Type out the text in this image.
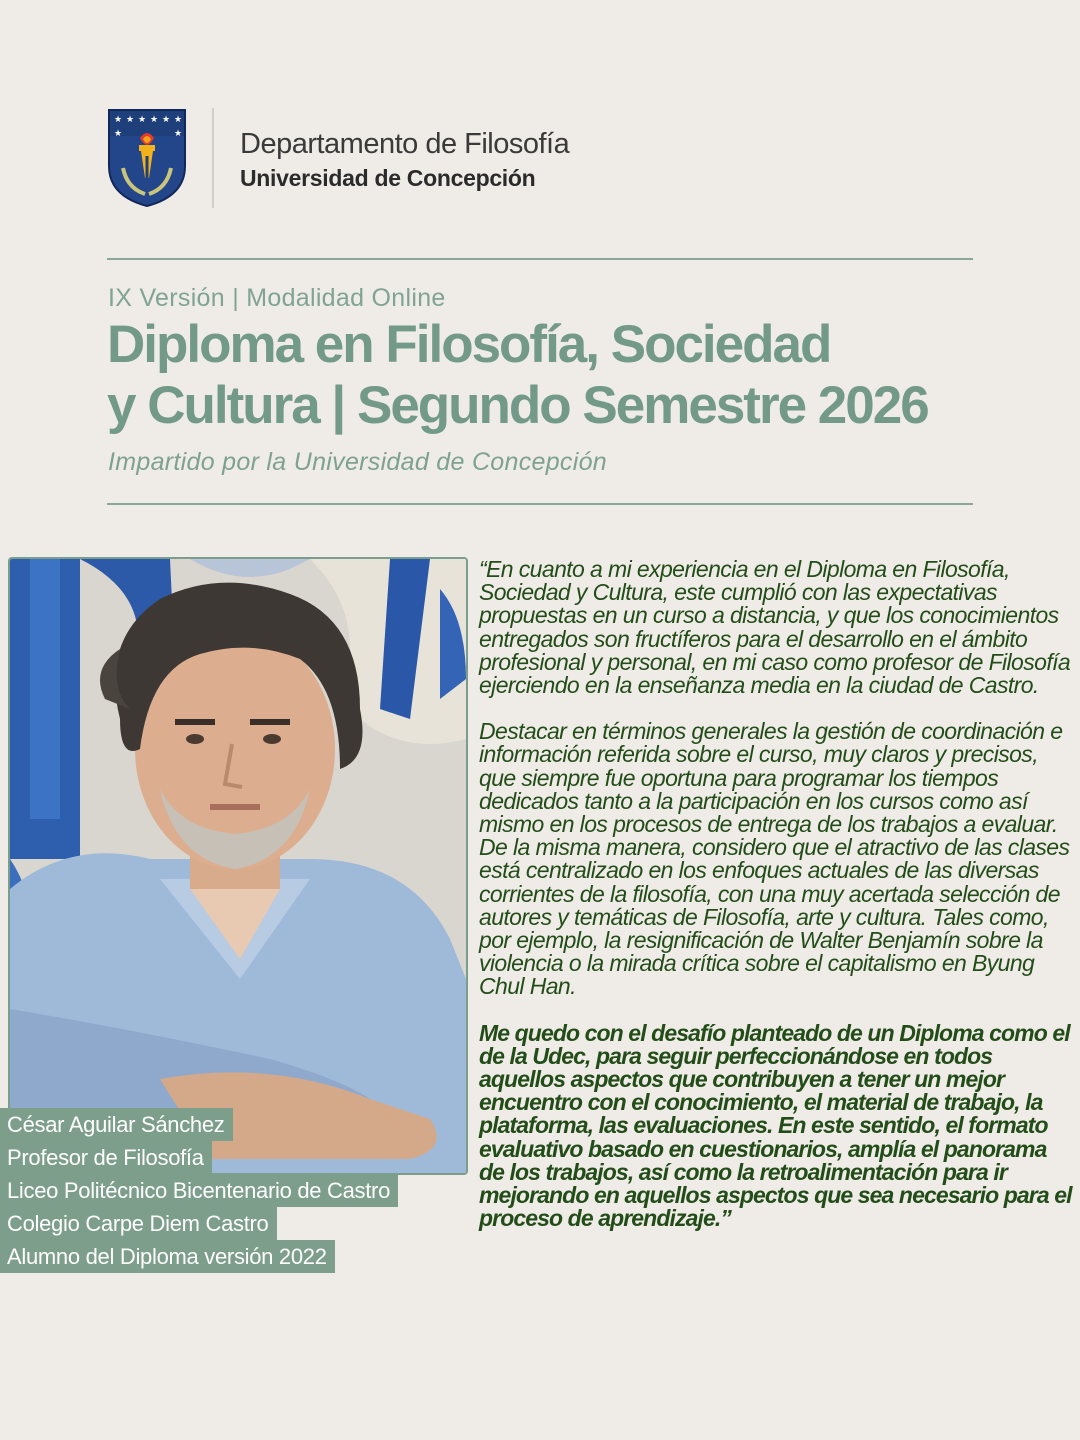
★ ★ ★ ★ ★ ★
★	★ Departamento de Filosofía
Universidad de Concepción
IX Versión | Modalidad Online
Diploma en Filosofía, Sociedad
y Cultura | Segundo Semestre 2026
Impartido por la Universidad de Concepción
César Aguilar Sánchez
Profesor de Filosofía
Liceo Politécnico Bicentenario de Castro
Colegio Carpe Diem Castro
Alumno del Diploma versión 2022

“En cuanto a mi experiencia en el Diploma en Filosofía, Sociedad y Cultura, este cumplió con las expectativas propuestas en un curso a distancia, y que los conocimientos entregados son fructíferos para el desarrollo en el ámbito profesional y personal, en mi caso como profesor de Filosofía ejerciendo en la enseñanza media en la ciudad de Castro.

Destacar en términos generales la gestión de coordinación e información referida sobre el curso, muy claros y precisos, que siempre fue oportuna para programar los tiempos dedicados tanto a la participación en los cursos como así mismo en los procesos de entrega de los trabajos a evaluar.

De la misma manera, considero que el atractivo de las clases está centralizado en los enfoques actuales de las diversas corrientes de la filosofía, con una muy acertada selección de autores y temáticas de Filosofía, arte y cultura. Tales como, por ejemplo, la resignificación de Walter Benjamín sobre la violencia o la mirada crítica sobre el capitalismo en Byung Chul Han.

Me quedo con el desafío planteado de un Diploma como el de la Udec, para seguir perfeccionándose en todos aquellos aspectos que contribuyen a tener un mejor encuentro con el conocimiento, el material de trabajo, la plataforma, las evaluaciones. En este sentido, el formato evaluativo basado en cuestionarios, amplía el panorama de los trabajos, así como la retroalimentación para ir mejorando en aquellos aspectos que sea necesario para el proceso de aprendizaje.”
